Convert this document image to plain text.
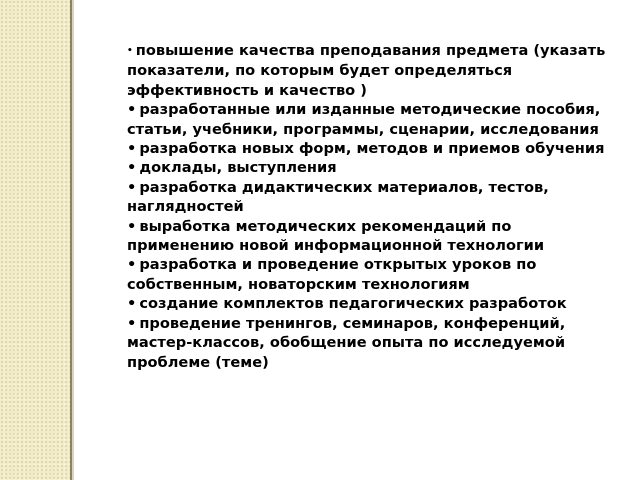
• повышение качества преподавания предмета (указать показатели, по которым будет определяться эффективность и качество )

• разработанные или изданные методические пособия, статьи, учебники, программы, сценарии, исследования

• разработка новых форм, методов и приемов обучения

• доклады, выступления

• разработка дидактических материалов, тестов, наглядностей

• выработка методических рекомендаций по применению новой информационной технологии

• разработка и проведение открытых уроков по собственным, новаторским технологиям

• создание комплектов педагогических разработок

• проведение тренингов, семинаров, конференций, мастер-классов, обобщение опыта по исследуемой проблеме (теме)
